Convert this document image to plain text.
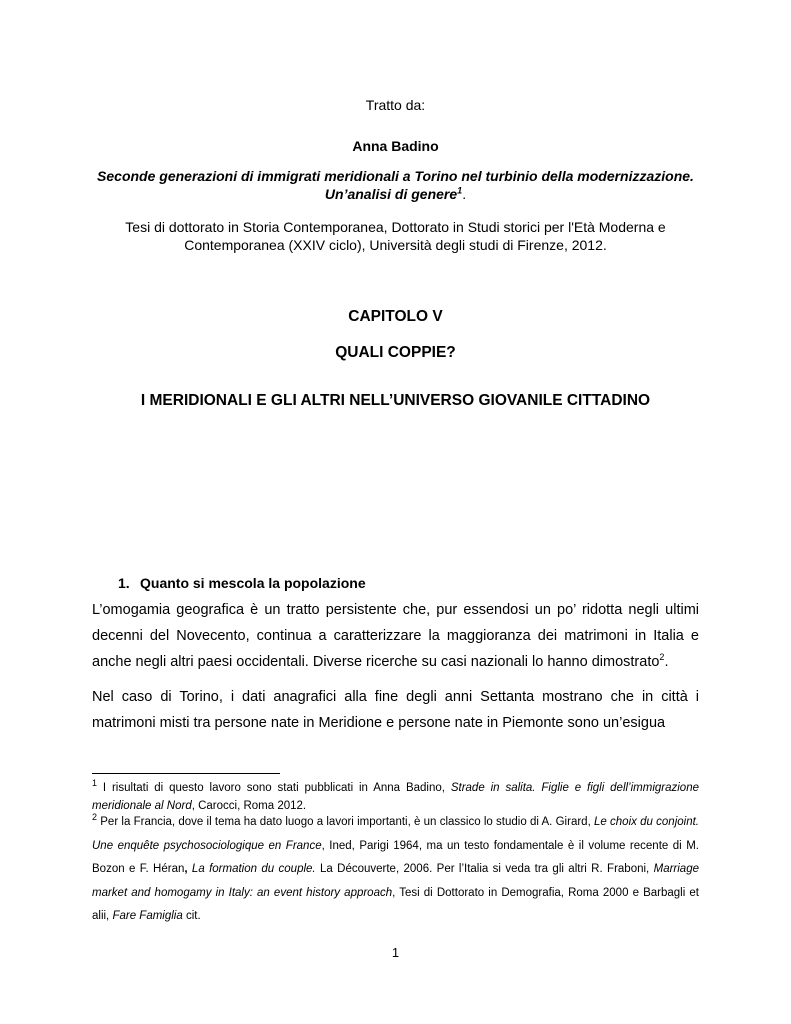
Tratto da:
Anna Badino
Seconde generazioni di immigrati meridionali a Torino nel turbinio della modernizzazione.
Un’analisi di genere$^1$.
Tesi di dottorato in Storia Contemporanea, Dottorato in Studi storici per l'Età Moderna e
Contemporanea (XXIV ciclo), Università degli studi di Firenze, 2012.
CAPITOLO V
QUALI COPPIE?
I MERIDIONALI E GLI ALTRI NELL’UNIVERSO GIOVANILE CITTADINO
1. Quanto si mescola la popolazione
L’omogamia geografica è un tratto persistente che, pur essendosi un po’ ridotta negli ultimi decenni del Novecento, continua a caratterizzare la maggioranza dei matrimoni in Italia e anche negli altri paesi occidentali. Diverse ricerche su casi nazionali lo hanno dimostrato$^2$.
Nel caso di Torino, i dati anagrafici alla fine degli anni Settanta mostrano che in città i matrimoni misti tra persone nate in Meridione e persone nate in Piemonte sono un’esigua
$^1$ I risultati di questo lavoro sono stati pubblicati in Anna Badino, Strade in salita. Figlie e figli dell’immigrazione meridionale al Nord, Carocci, Roma 2012.
$^2$ Per la Francia, dove il tema ha dato luogo a lavori importanti, è un classico lo studio di A. Girard, Le choix du conjoint. Une enquête psychosociologique en France, Ined, Parigi 1964, ma un testo fondamentale è il volume recente di M. Bozon e F. Héran, La formation du couple. La Découverte, 2006. Per l’Italia si veda tra gli altri R. Fraboni, Marriage market and homogamy in Italy: an event history approach, Tesi di Dottorato in Demografia, Roma 2000 e Barbagli et alii, Fare Famiglia cit.
1
